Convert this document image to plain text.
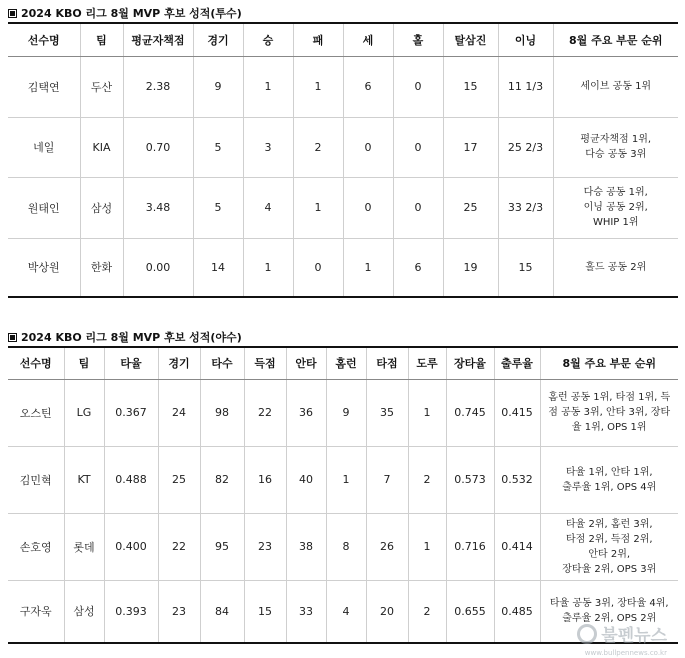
2024 KBO 리그 8월 MVP 후보 성적(투수)
선수명	팀	평균자책점	경기	승	패	세	홀	탈삼진	이닝	8월 주요 부문 순위
김택연	두산	2.38	9	1	1	6	0	15	11 1/3	세이브 공동 1위

네일	KIA	0.70	5	3	2	0	0	17	25 2/3	평균자책점 1위,
다승 공동 3위

원태인	삼성	3.48	5	4	1	0	0	25	33 2/3	다승 공동 1위,
이닝 공동 2위,
WHIP 1위

박상원	한화	0.00	14	1	0	1	6	19	15	홀드 공동 2위
2024 KBO 리그 8월 MVP 후보 성적(야수)
선수명	팀	타율	경기	타수	득점	안타	홈런	타점	도루	장타율	출루율	8월 주요 부문 순위
오스틴	LG	0.367	24	98	22	36	9	35	1	0.745	0.415	홈런 공동 1위, 타점 1위, 득
점 공동 3위, 안타 3위, 장타
율 1위, OPS 1위

김민혁	KT	0.488	25	82	16	40	1	7	2	0.573	0.532	타율 1위, 안타 1위,
출루율 1위, OPS 4위

손호영	롯데	0.400	22	95	23	38	8	26	1	0.716	0.414	타율 2위, 홈런 3위,
타점 2위, 득점 2위,
안타 2위,
장타율 2위, OPS 3위

구자욱	삼성	0.393	23	84	15	33	4	20	2	0.655	0.485	타율 공동 3위, 장타율 4위,
출루율 2위, OPS 2위
불펜뉴스
www.bullpennews.co.kr
